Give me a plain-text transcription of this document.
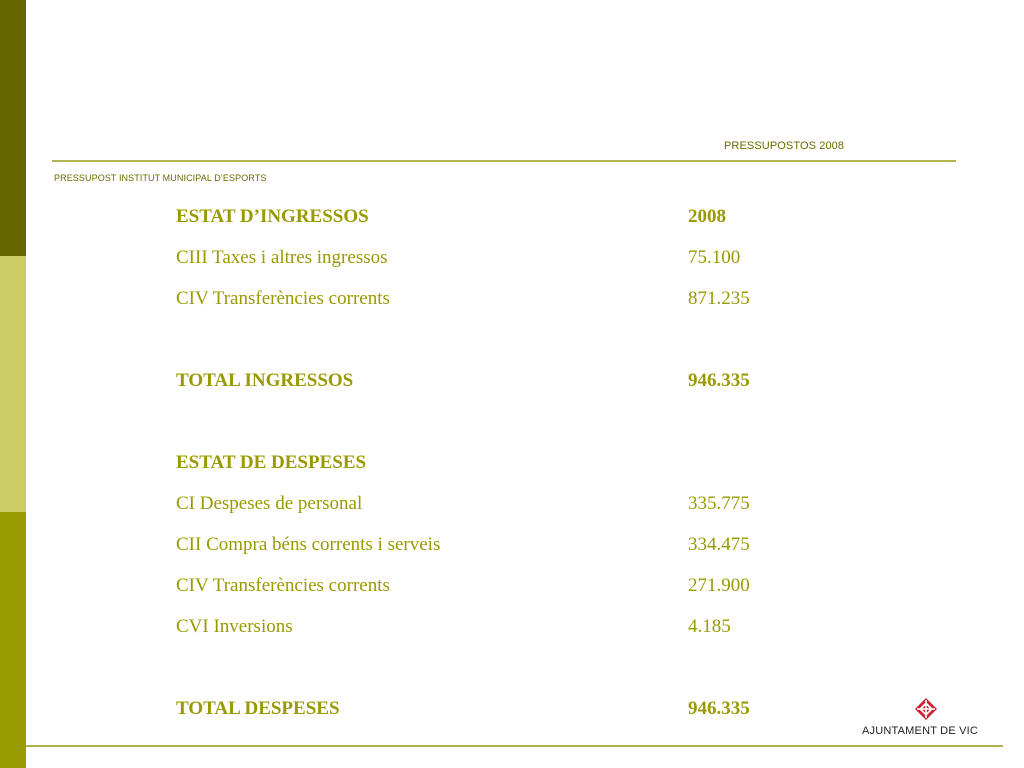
PRESSUPOSTOS 2008
PRESSUPOST INSTITUT MUNICIPAL D’ESPORTS
ESTAT D’INGRESSOS	2008
CIII Taxes i altres ingressos	75.100
CIV Transferències corrents	871.235
TOTAL INGRESSOS	946.335
ESTAT DE DESPESES
CI Despeses de personal	335.775
CII Compra béns corrents i serveis	334.475
CIV Transferències corrents	271.900
CVI Inversions	4.185
TOTAL DESPESES	946.335
AJUNTAMENT DE VIC
